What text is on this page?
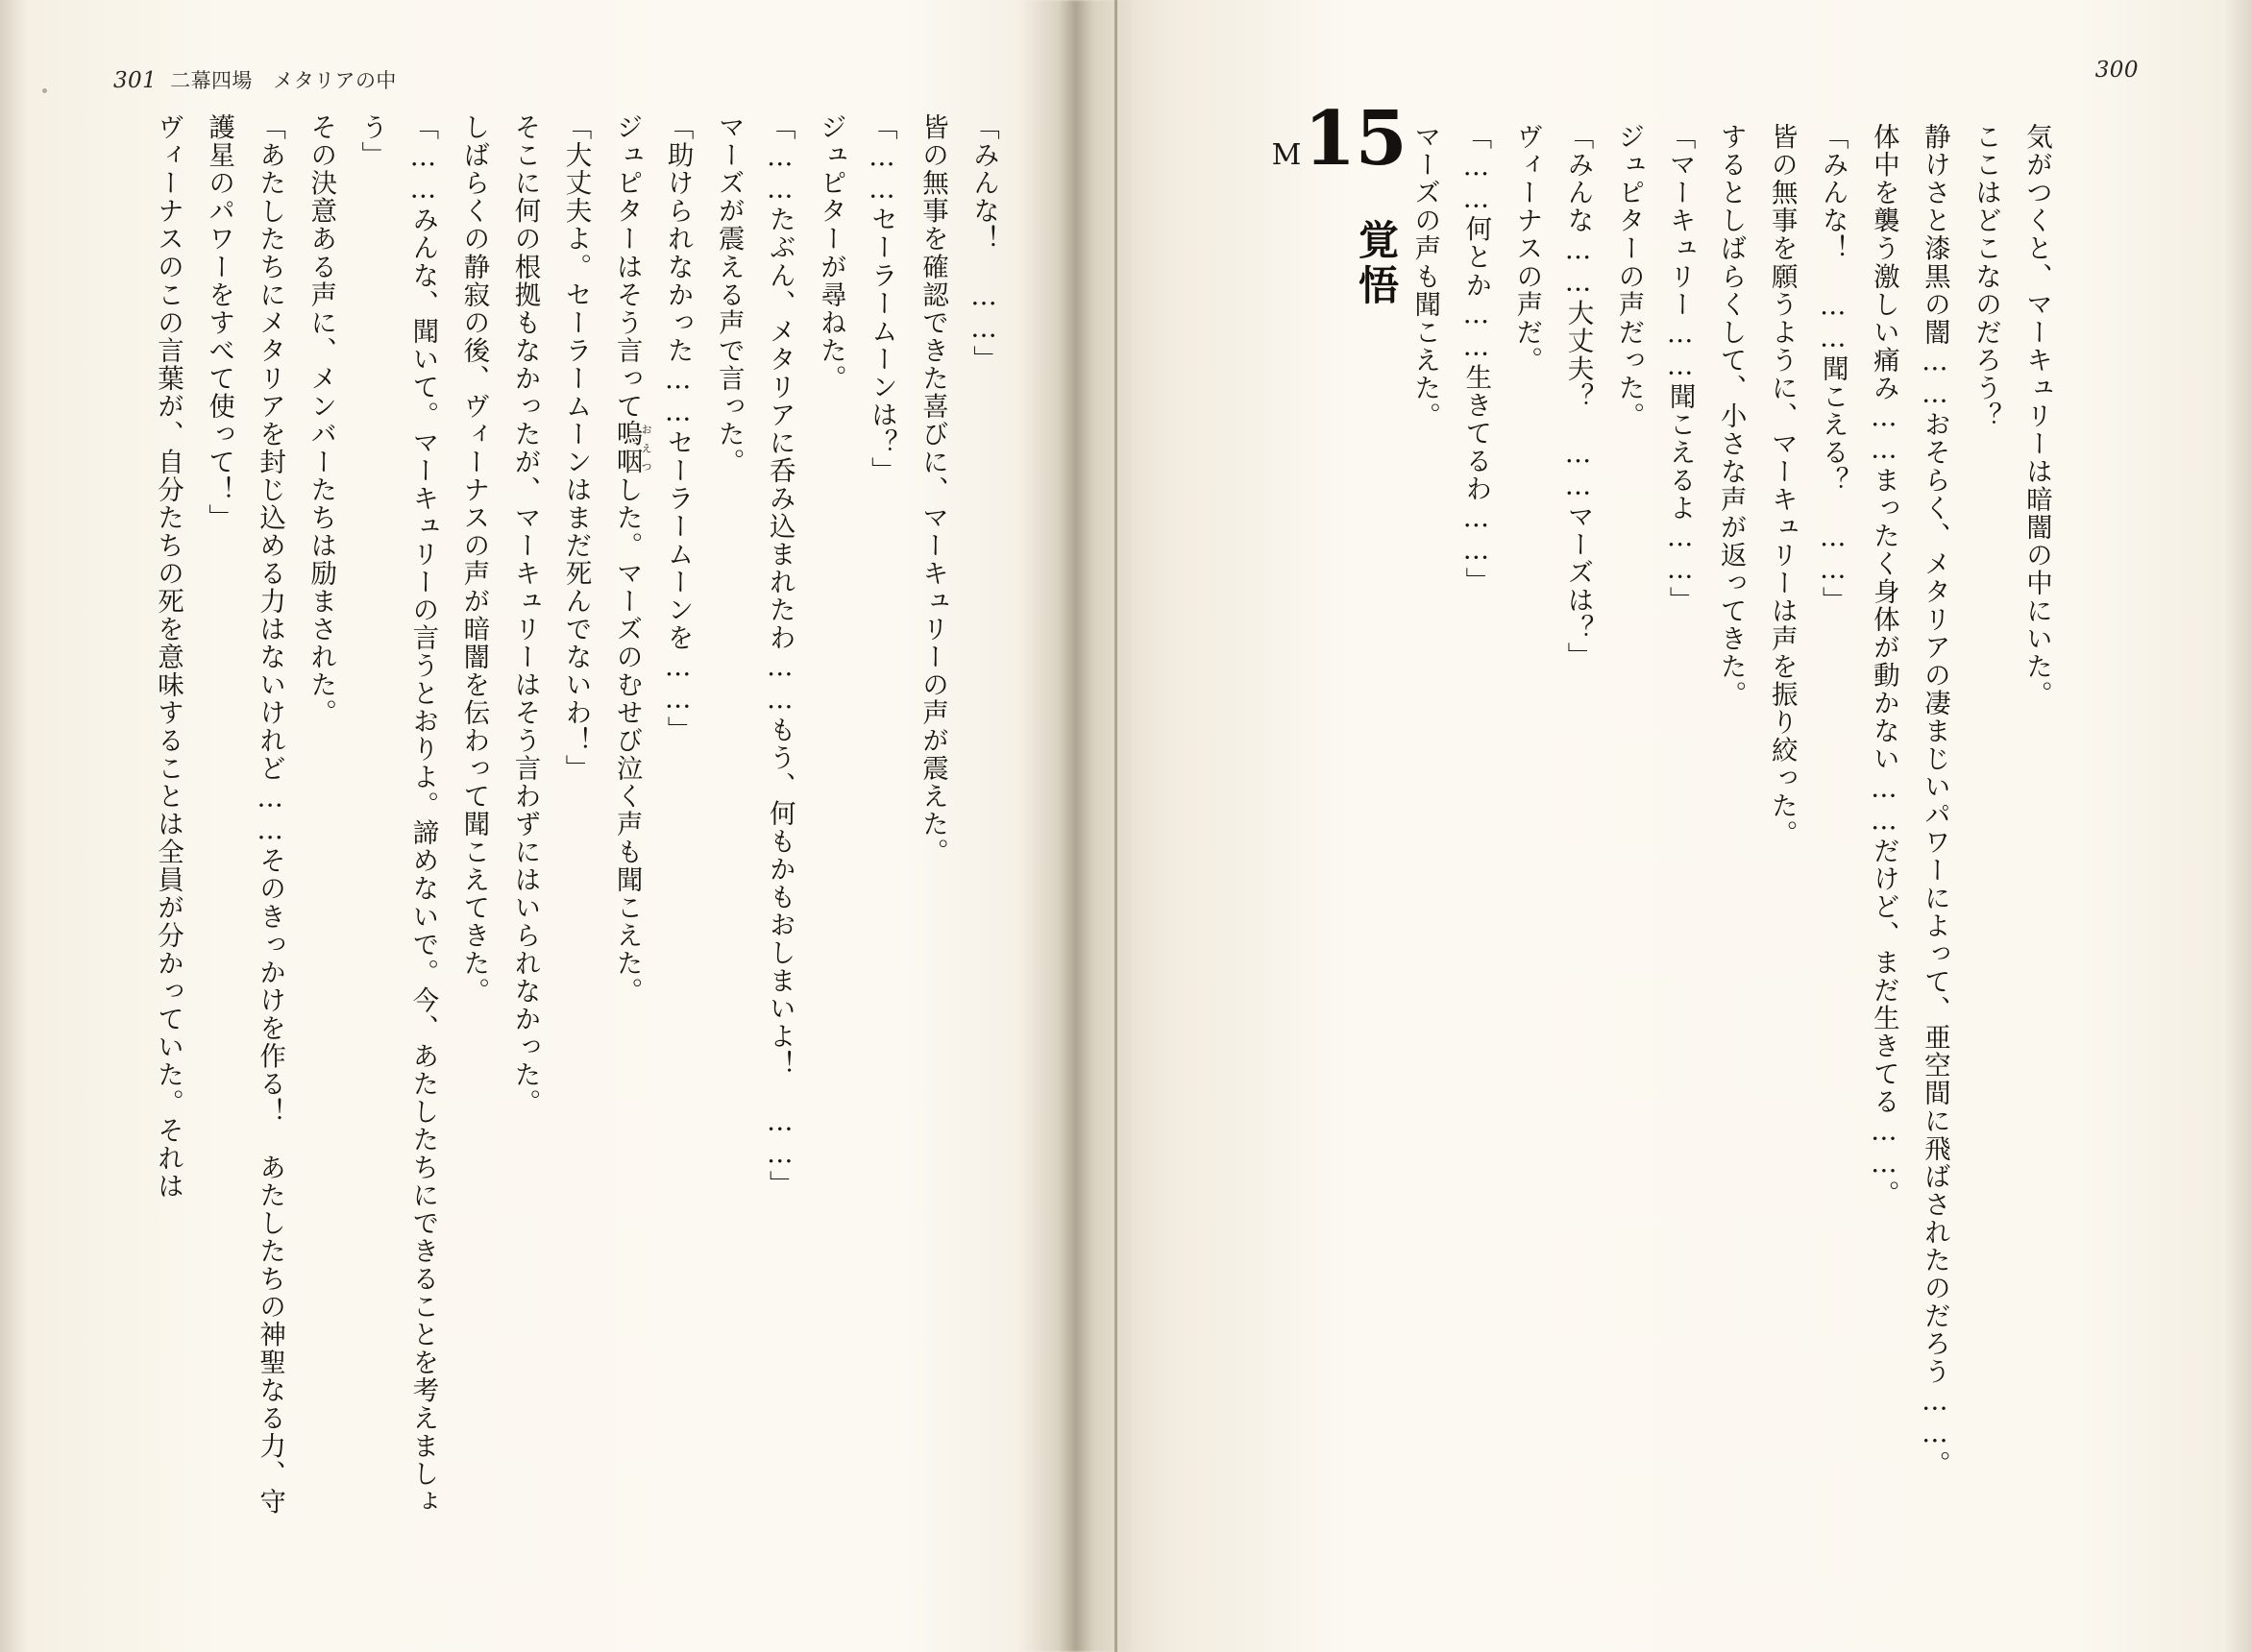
300
M 15
覚悟	気がつくと、マーキュリーは暗闇の中にいた。

ここはどこなのだろう？

静けさと漆黒の闇……おそらく、メタリアの凄まじいパワーによって、亜空間に飛ばされたのだろう……。

体中を襲う激しい痛み……まったく身体が動かない……だけど、まだ生きてる……。

「みんな！　……聞こえる？　……」

皆の無事を願うように、マーキュリーは声を振り絞った。

するとしばらくして、小さな声が返ってきた。

「マーキュリー……聞こえるよ……」

ジュピターの声だった。

「みんな……大丈夫？　……マーズは？」

ヴィーナスの声だ。

「……何とか……生きてるわ……」

マーズの声も聞こえた。

301 二幕四場　メタリアの中

「みんな！　……」

皆の無事を確認できた喜びに、マーキュリーの声が震えた。

「……セーラームーンは？」

ジュピターが尋ねた。

「……たぶん、メタリアに呑み込まれたわ……もう、何もかもおしまいよ！　……」

マーズが震える声で言った。

「助けられなかった……セーラームーンを……」

ジュピターはそう言って嗚咽おえつした。マーズのむせび泣く声も聞こえた。

「大丈夫よ。セーラームーンはまだ死んでないわ！」

そこに何の根拠もなかったが、マーキュリーはそう言わずにはいられなかった。

しばらくの静寂の後、ヴィーナスの声が暗闇を伝わって聞こえてきた。

「……みんな、聞いて。マーキュリーの言うとおりよ。諦めないで。今、あたしたちにできることを考えましょう」

その決意ある声に、メンバーたちは励まされた。

「あたしたちにメタリアを封じ込める力はないけれど……そのきっかけを作る！　あたしたちの神聖なる力、守護星のパワーをすべて使って！」

ヴィーナスのこの言葉が、自分たちの死を意味することは全員が分かっていた。それは
